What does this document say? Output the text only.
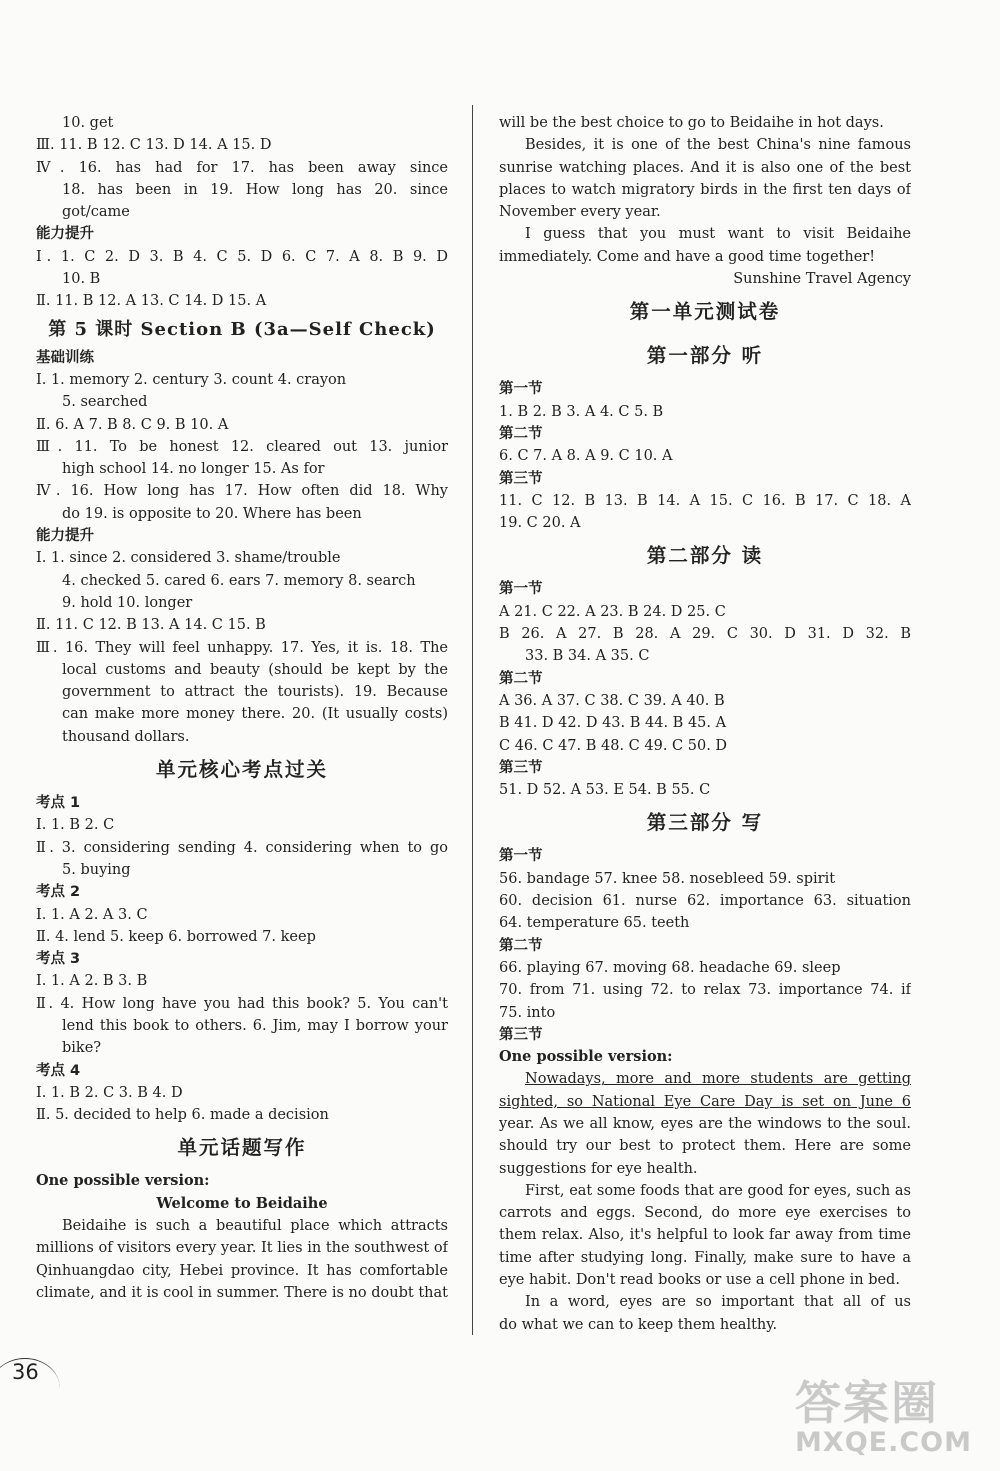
10. get
Ⅲ. 11. B 12. C 13. D 14. A 15. D
Ⅳ. 16. has had for 17. has been away since
18. has been in 19. How long has 20. since
got/came
能力提升
Ⅰ. 1. C 2. D 3. B 4. C 5. D 6. C 7. A 8. B 9. D
10. B
Ⅱ. 11. B 12. A 13. C 14. D 15. A
第 5 课时 Section B (3a—Self Check)
基础训练
Ⅰ. 1. memory 2. century 3. count 4. crayon
5. searched
Ⅱ. 6. A 7. B 8. C 9. B 10. A
Ⅲ. 11. To be honest 12. cleared out 13. junior
high school 14. no longer 15. As for
Ⅳ. 16. How long has 17. How often did 18. Why
do 19. is opposite to 20. Where has been
能力提升
Ⅰ. 1. since 2. considered 3. shame/trouble
4. checked 5. cared 6. ears 7. memory 8. search
9. hold 10. longer
Ⅱ. 11. C 12. B 13. A 14. C 15. B
Ⅲ. 16. They will feel unhappy. 17. Yes, it is. 18. The
local customs and beauty (should be kept by the
government to attract the tourists). 19. Because
can make more money there. 20. (It usually costs)
thousand dollars.
单元核心考点过关
考点 1
Ⅰ. 1. B 2. C
Ⅱ. 3. considering sending 4. considering when to go
5. buying
考点 2
Ⅰ. 1. A 2. A 3. C
Ⅱ. 4. lend 5. keep 6. borrowed 7. keep
考点 3
Ⅰ. 1. A 2. B 3. B
Ⅱ. 4. How long have you had this book? 5. You can't
lend this book to others. 6. Jim, may I borrow your
bike?
考点 4
Ⅰ. 1. B 2. C 3. B 4. D
Ⅱ. 5. decided to help 6. made a decision
单元话题写作
One possible version:
Welcome to Beidaihe
Beidaihe is such a beautiful place which attracts
millions of visitors every year. It lies in the southwest of
Qinhuangdao city, Hebei province. It has comfortable
climate, and it is cool in summer. There is no doubt that
will be the best choice to go to Beidaihe in hot days.
Besides, it is one of the best China's nine famous
sunrise watching places. And it is also one of the best
places to watch migratory birds in the first ten days of
November every year.
I guess that you must want to visit Beidaihe
immediately. Come and have a good time together!
Sunshine Travel Agency
第一单元测试卷
第一部分 听
第一节
1. B 2. B 3. A 4. C 5. B
第二节
6. C 7. A 8. A 9. C 10. A
第三节
11. C 12. B 13. B 14. A 15. C 16. B 17. C 18. A
19. C 20. A
第二部分 读
第一节
A 21. C 22. A 23. B 24. D 25. C
B 26. A 27. B 28. A 29. C 30. D 31. D 32. B
33. B 34. A 35. C
第二节
A 36. A 37. C 38. C 39. A 40. B
B 41. D 42. D 43. B 44. B 45. A
C 46. C 47. B 48. C 49. C 50. D
第三节
51. D 52. A 53. E 54. B 55. C
第三部分 写
第一节
56. bandage 57. knee 58. nosebleed 59. spirit
60. decision 61. nurse 62. importance 63. situation
64. temperature 65. teeth
第二节
66. playing 67. moving 68. headache 69. sleep
70. from 71. using 72. to relax 73. importance 74. if
75. into
第三节
One possible version:
Nowadays, more and more students are getting
sighted, so National Eye Care Day is set on June 6
year. As we all know, eyes are the windows to the soul.
should try our best to protect them. Here are some
suggestions for eye health.
First, eat some foods that are good for eyes, such as
carrots and eggs. Second, do more eye exercises to
them relax. Also, it's helpful to look far away from time
time after studying long. Finally, make sure to have a
eye habit. Don't read books or use a cell phone in bed.
In a word, eyes are so important that all of us
do what we can to keep them healthy.
36
答案圈
MXQE.COM
